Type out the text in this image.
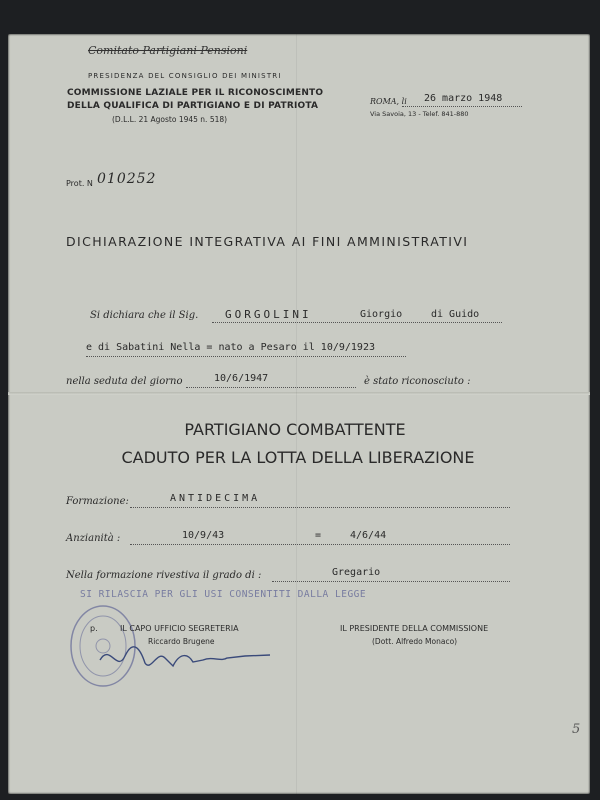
Comitato Partigiani Pensioni
PRESIDENZA DEL CONSIGLIO DEI MINISTRI
COMMISSIONE LAZIALE PER IL RICONOSCIMENTO
DELLA QUALIFICA DI PARTIGIANO E DI PATRIOTA
(D.L.L. 21 Agosto 1945 n. 518)
ROMA, li 26 marzo 1948
Via Savoia, 13 - Telef. 841-880
Prot. N 010252
DICHIARAZIONE INTEGRATIVA AI FINI AMMINISTRATIVI
Si dichiara che il Sig. GORGOLINI	Giorgio	di Guido
e di Sabatini Nella = nato a Pesaro il 10/9/1923
nella seduta del giorno	10/6/1947	è stato riconosciuto :
PARTIGIANO COMBATTENTE
CADUTO PER LA LOTTA DELLA LIBERAZIONE
Formazione:	ANTIDECIMA
Anzianità :	10/9/43	=	4/6/44
Nella formazione rivestiva il grado di :	Gregario
SI RILASCIA PER GLI USI CONSENTITI DALLA LEGGE
p.	IL CAPO UFFICIO SEGRETERIA
Riccardo Brugene
IL PRESIDENTE DELLA COMMISSIONE
(Dott. Alfredo Monaco)
5
